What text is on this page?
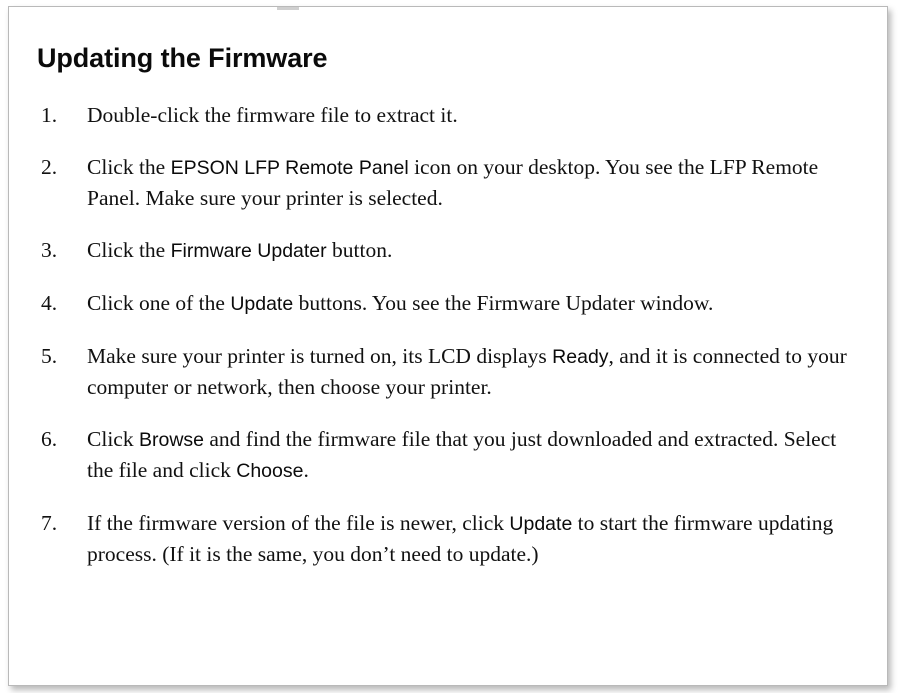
Updating the Firmware
1.	Double-click the firmware file to extract it.
2.	Click the EPSON LFP Remote Panel icon on your desktop. You see the LFP Remote Panel. Make sure your printer is selected.
3.	Click the Firmware Updater button.
4.	Click one of the Update buttons. You see the Firmware Updater window.
5.	Make sure your printer is turned on, its LCD displays Ready, and it is connected to your computer or network, then choose your printer.
6.	Click Browse and find the firmware file that you just downloaded and extracted. Select the file and click Choose.
7.	If the firmware version of the file is newer, click Update to start the firmware updating process. (If it is the same, you don’t need to update.)
